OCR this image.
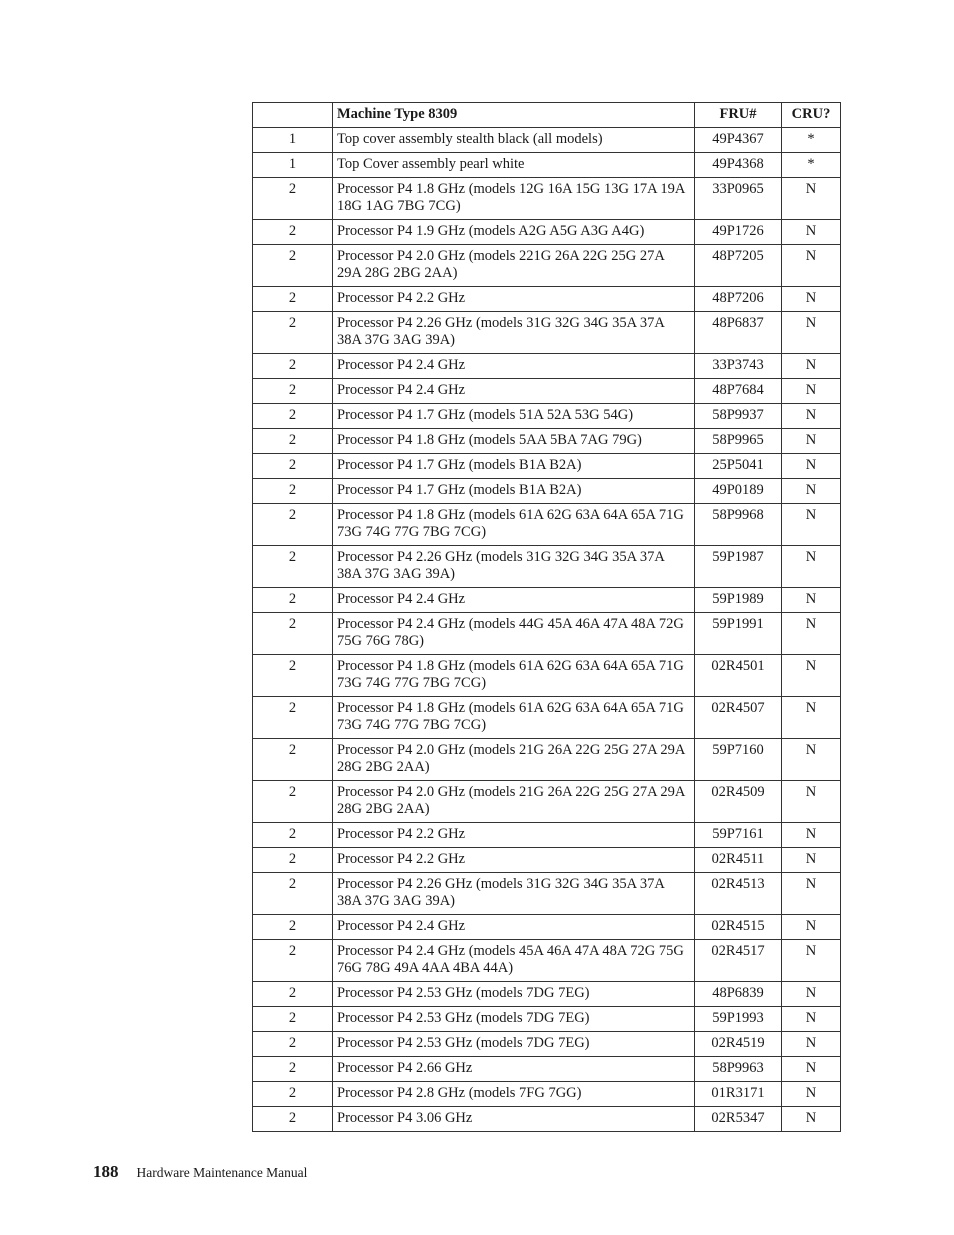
	Machine Type 8309	FRU#	CRU?
1	Top cover assembly stealth black (all models)	49P4367	*
1	Top Cover assembly pearl white	49P4368	*
2	Processor P4 1.8 GHz (models 12G 16A 15G 13G 17A 19A 18G 1AG 7BG 7CG)	33P0965	N
2	Processor P4 1.9 GHz (models A2G A5G A3G A4G)	49P1726	N
2	Processor P4 2.0 GHz (models 221G 26A 22G 25G 27A 29A 28G 2BG 2AA)	48P7205	N
2	Processor P4 2.2 GHz	48P7206	N
2	Processor P4 2.26 GHz (models 31G 32G 34G 35A 37A 38A 37G 3AG 39A)	48P6837	N
2	Processor P4 2.4 GHz	33P3743	N
2	Processor P4 2.4 GHz	48P7684	N
2	Processor P4 1.7 GHz (models 51A 52A 53G 54G)	58P9937	N
2	Processor P4 1.8 GHz (models 5AA 5BA 7AG 79G)	58P9965	N
2	Processor P4 1.7 GHz (models B1A B2A)	25P5041	N
2	Processor P4 1.7 GHz (models B1A B2A)	49P0189	N
2	Processor P4 1.8 GHz (models 61A 62G 63A 64A 65A 71G 73G 74G 77G 7BG 7CG)	58P9968	N
2	Processor P4 2.26 GHz (models 31G 32G 34G 35A 37A 38A 37G 3AG 39A)	59P1987	N
2	Processor P4 2.4 GHz	59P1989	N
2	Processor P4 2.4 GHz (models 44G 45A 46A 47A 48A 72G 75G 76G 78G)	59P1991	N
2	Processor P4 1.8 GHz (models 61A 62G 63A 64A 65A 71G 73G 74G 77G 7BG 7CG)	02R4501	N
2	Processor P4 1.8 GHz (models 61A 62G 63A 64A 65A 71G 73G 74G 77G 7BG 7CG)	02R4507	N
2	Processor P4 2.0 GHz (models 21G 26A 22G 25G 27A 29A 28G 2BG 2AA)	59P7160	N
2	Processor P4 2.0 GHz (models 21G 26A 22G 25G 27A 29A 28G 2BG 2AA)	02R4509	N
2	Processor P4 2.2 GHz	59P7161	N
2	Processor P4 2.2 GHz	02R4511	N
2	Processor P4 2.26 GHz (models 31G 32G 34G 35A 37A 38A 37G 3AG 39A)	02R4513	N
2	Processor P4 2.4 GHz	02R4515	N
2	Processor P4 2.4 GHz (models 45A 46A 47A 48A 72G 75G 76G 78G 49A 4AA 4BA 44A)	02R4517	N
2	Processor P4 2.53 GHz (models 7DG 7EG)	48P6839	N
2	Processor P4 2.53 GHz (models 7DG 7EG)	59P1993	N
2	Processor P4 2.53 GHz (models 7DG 7EG)	02R4519	N
2	Processor P4 2.66 GHz	58P9963	N
2	Processor P4 2.8 GHz (models 7FG 7GG)	01R3171	N
2	Processor P4 3.06 GHz	02R5347	N
188 Hardware Maintenance Manual
